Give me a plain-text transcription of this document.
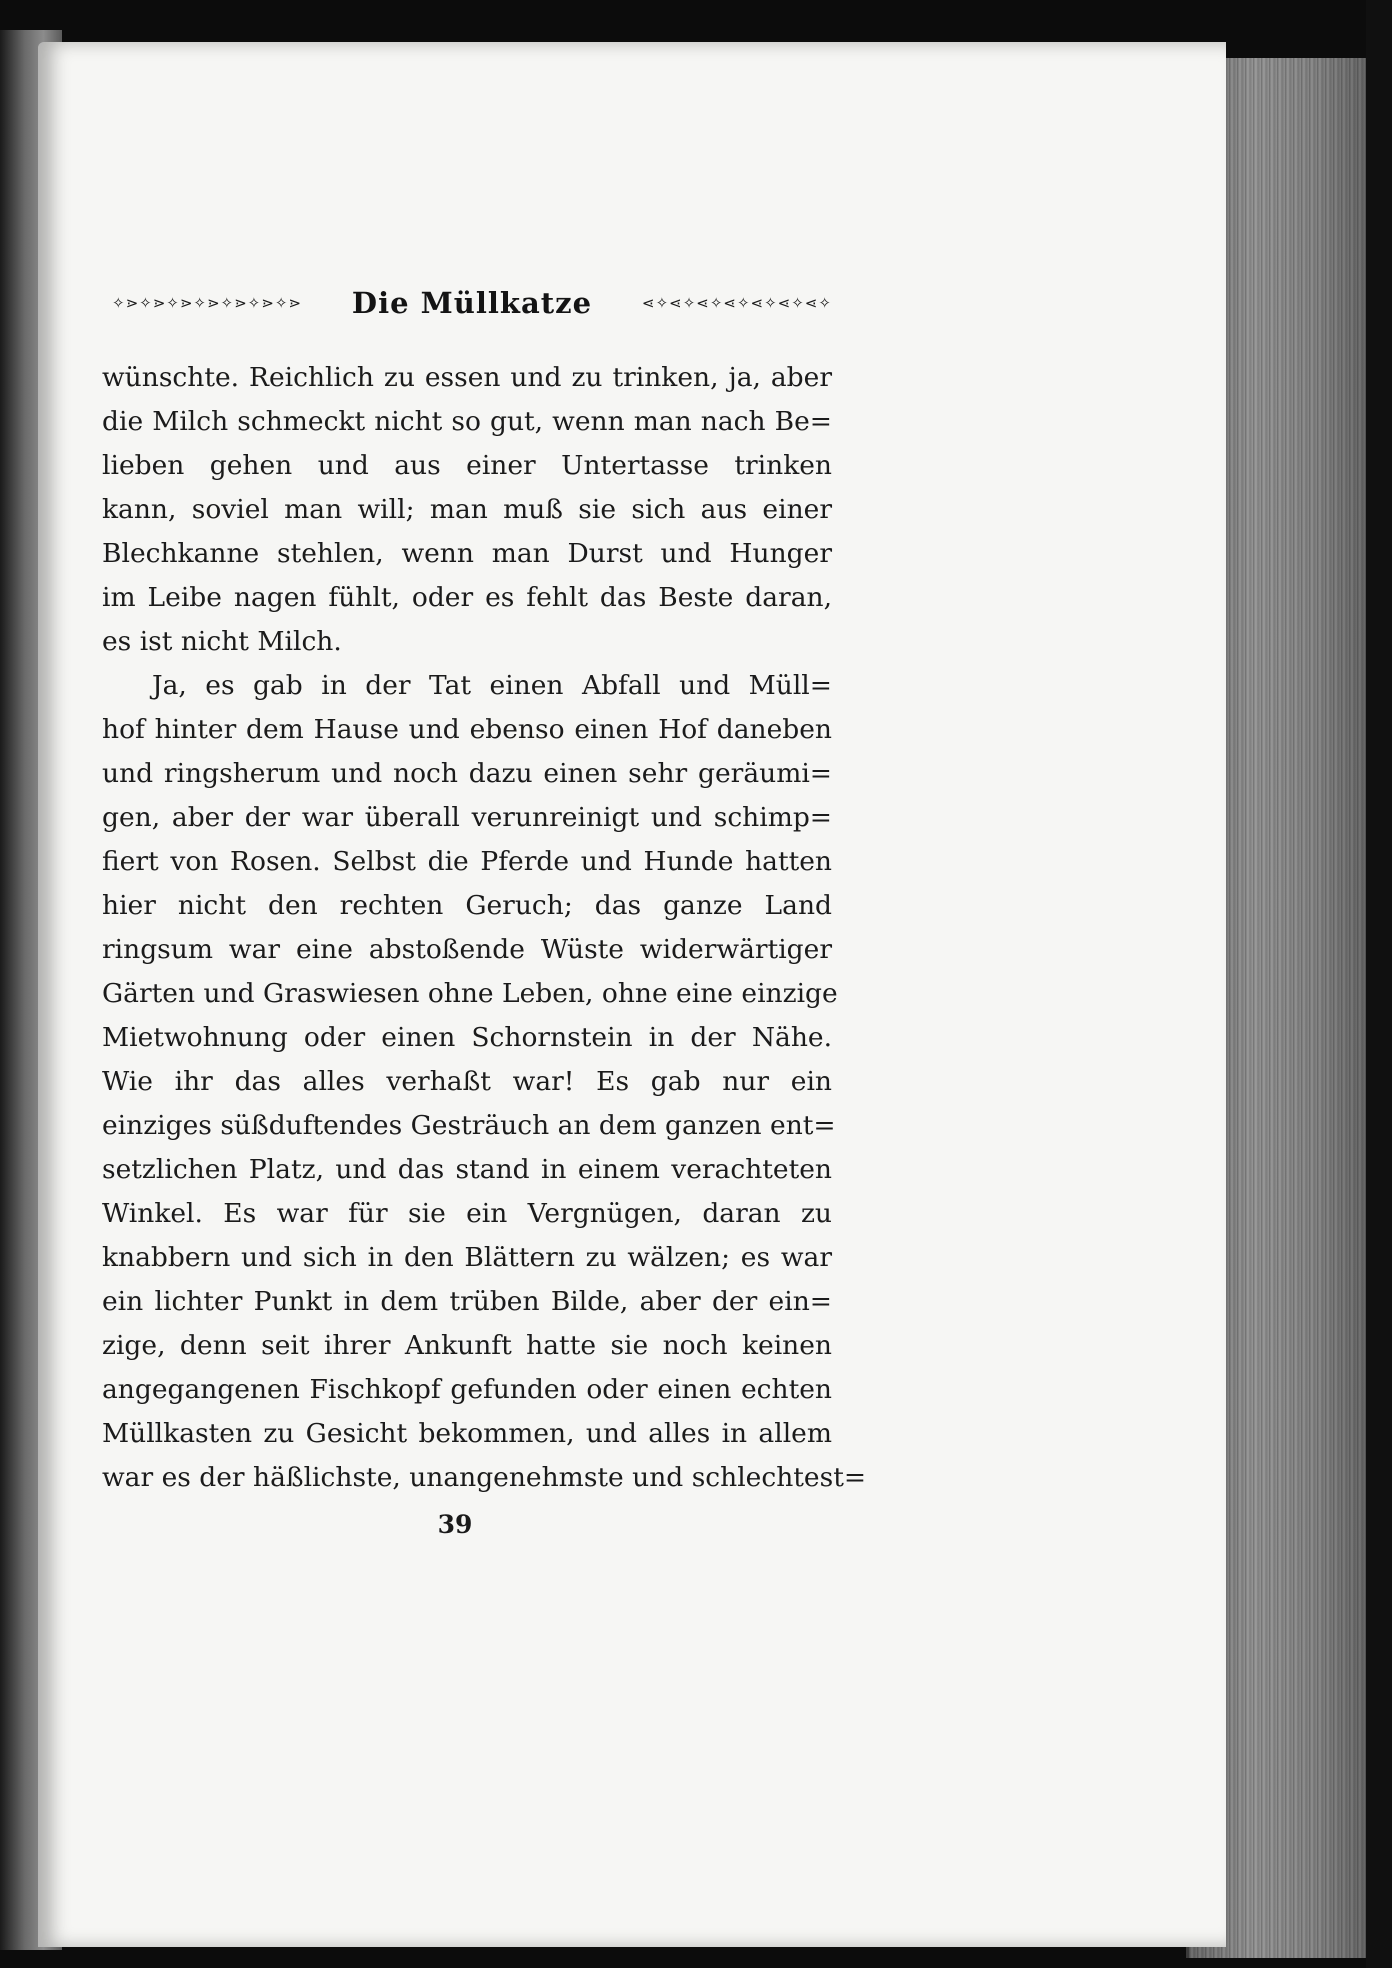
✧⋗✧⋗✧⋗✧⋗✧⋗✧⋗✧⋗	Die Müllkatze	⋖✧⋖✧⋖✧⋖✧⋖✧⋖✧⋖✧
wünschte. Reichlich zu essen und zu trinken, ja, aber
die Milch schmeckt nicht so gut, wenn man nach Be=
lieben gehen und aus einer Untertasse trinken
kann, soviel man will; man muß sie sich aus einer
Blechkanne stehlen, wenn man Durst und Hunger
im Leibe nagen fühlt, oder es fehlt das Beste daran,
es ist nicht Milch.
Ja, es gab in der Tat einen Abfall und Müll=
hof hinter dem Hause und ebenso einen Hof daneben
und ringsherum und noch dazu einen sehr geräumi=
gen, aber der war überall verunreinigt und schimp=
fiert von Rosen. Selbst die Pferde und Hunde hatten
hier nicht den rechten Geruch; das ganze Land
ringsum war eine abstoßende Wüste widerwärtiger
Gärten und Graswiesen ohne Leben, ohne eine einzige
Mietwohnung oder einen Schornstein in der Nähe.
Wie ihr das alles verhaßt war! Es gab nur ein
einziges süßduftendes Gesträuch an dem ganzen ent=
setzlichen Platz, und das stand in einem verachteten
Winkel. Es war für sie ein Vergnügen, daran zu
knabbern und sich in den Blättern zu wälzen; es war
ein lichter Punkt in dem trüben Bilde, aber der ein=
zige, denn seit ihrer Ankunft hatte sie noch keinen
angegangenen Fischkopf gefunden oder einen echten
Müllkasten zu Gesicht bekommen, und alles in allem
war es der häßlichste, unangenehmste und schlechtest=
39
